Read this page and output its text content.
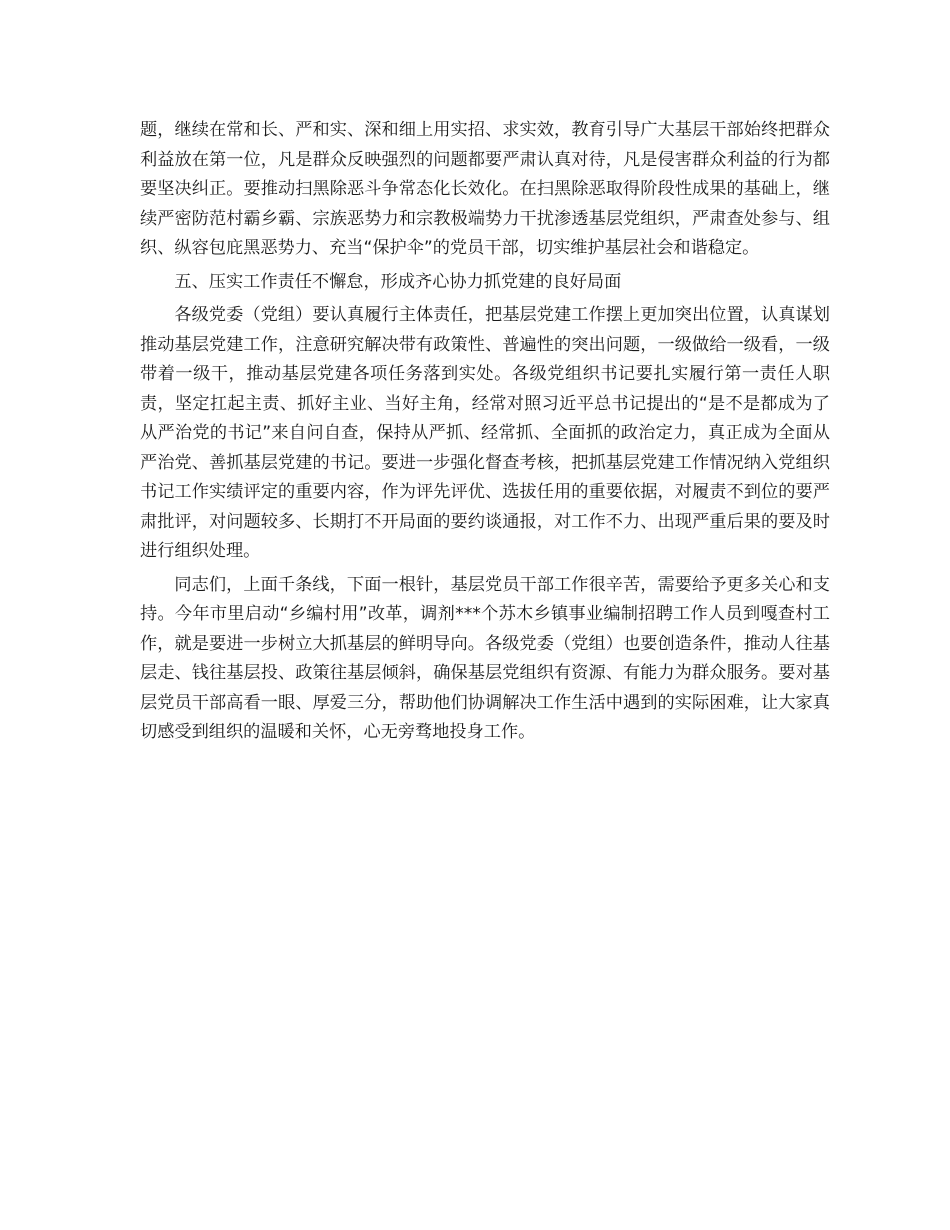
题，继续在常和长、严和实、深和细上用实招、求实效，教育引导广大基层干部始终把群众利益放在第一位，凡是群众反映强烈的问题都要严肃认真对待，凡是侵害群众利益的行为都要坚决纠正。要推动扫黑除恶斗争常态化长效化。在扫黑除恶取得阶段性成果的基础上，继续严密防范村霸乡霸、宗族恶势力和宗教极端势力干扰渗透基层党组织，严肃查处参与、组织、纵容包庇黑恶势力、充当“保护伞”的党员干部，切实维护基层社会和谐稳定。

五、压实工作责任不懈怠，形成齐心协力抓党建的良好局面

各级党委（党组）要认真履行主体责任，把基层党建工作摆上更加突出位置，认真谋划推动基层党建工作，注意研究解决带有政策性、普遍性的突出问题，一级做给一级看，一级带着一级干，推动基层党建各项任务落到实处。各级党组织书记要扎实履行第一责任人职责，坚定扛起主责、抓好主业、当好主角，经常对照习近平总书记提出的“是不是都成为了从严治党的书记”来自问自查，保持从严抓、经常抓、全面抓的政治定力，真正成为全面从严治党、善抓基层党建的书记。要进一步强化督查考核，把抓基层党建工作情况纳入党组织书记工作实绩评定的重要内容，作为评先评优、选拔任用的重要依据，对履责不到位的要严肃批评，对问题较多、长期打不开局面的要约谈通报，对工作不力、出现严重后果的要及时进行组织处理。

同志们，上面千条线，下面一根针，基层党员干部工作很辛苦，需要给予更多关心和支持。今年市里启动“乡编村用”改革，调剂***个苏木乡镇事业编制招聘工作人员到嘎查村工作，就是要进一步树立大抓基层的鲜明导向。各级党委（党组）也要创造条件，推动人往基层走、钱往基层投、政策往基层倾斜，确保基层党组织有资源、有能力为群众服务。要对基层党员干部高看一眼、厚爱三分，帮助他们协调解决工作生活中遇到的实际困难，让大家真切感受到组织的温暖和关怀，心无旁骛地投身工作。
